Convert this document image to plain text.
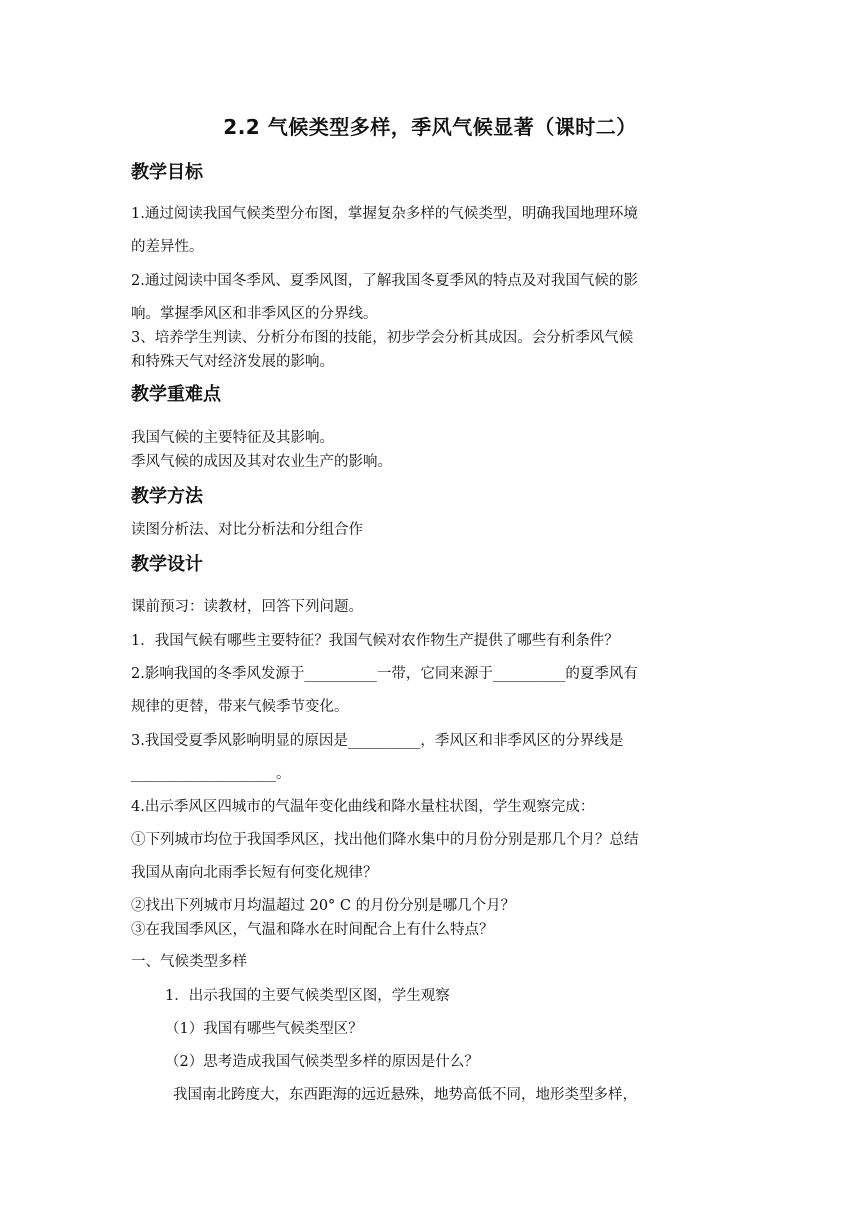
2.2 气候类型多样，季风气候显著（课时二）
教学目标
1.通过阅读我国气候类型分布图，掌握复杂多样的气候类型，明确我国地理环境
的差异性。
2.通过阅读中国冬季风、夏季风图，了解我国冬夏季风的特点及对我国气候的影
响。掌握季风区和非季风区的分界线。
3、培养学生判读、分析分布图的技能，初步学会分析其成因。会分析季风气候
和特殊天气对经济发展的影响。
教学重难点
我国气候的主要特征及其影响。
季风气候的成因及其对农业生产的影响。
教学方法
读图分析法、对比分析法和分组合作
教学设计
课前预习：读教材，回答下列问题。
1．我国气候有哪些主要特征？我国气候对农作物生产提供了哪些有利条件？
2.影响我国的冬季风发源于__________一带，它同来源于__________的夏季风有
规律的更替，带来气候季节变化。
3.我国受夏季风影响明显的原因是__________，季风区和非季风区的分界线是
____________________。
4.出示季风区四城市的气温年变化曲线和降水量柱状图，学生观察完成：
①下列城市均位于我国季风区，找出他们降水集中的月份分别是那几个月？总结
我国从南向北雨季长短有何变化规律？
②找出下列城市月均温超过 20° C 的月份分别是哪几个月？
③在我国季风区，气温和降水在时间配合上有什么特点？
一、气候类型多样
1．出示我国的主要气候类型区图，学生观察
（1）我国有哪些气候类型区？
（2）思考造成我国气候类型多样的原因是什么？
我国南北跨度大，东西距海的远近悬殊，地势高低不同，地形类型多样，
